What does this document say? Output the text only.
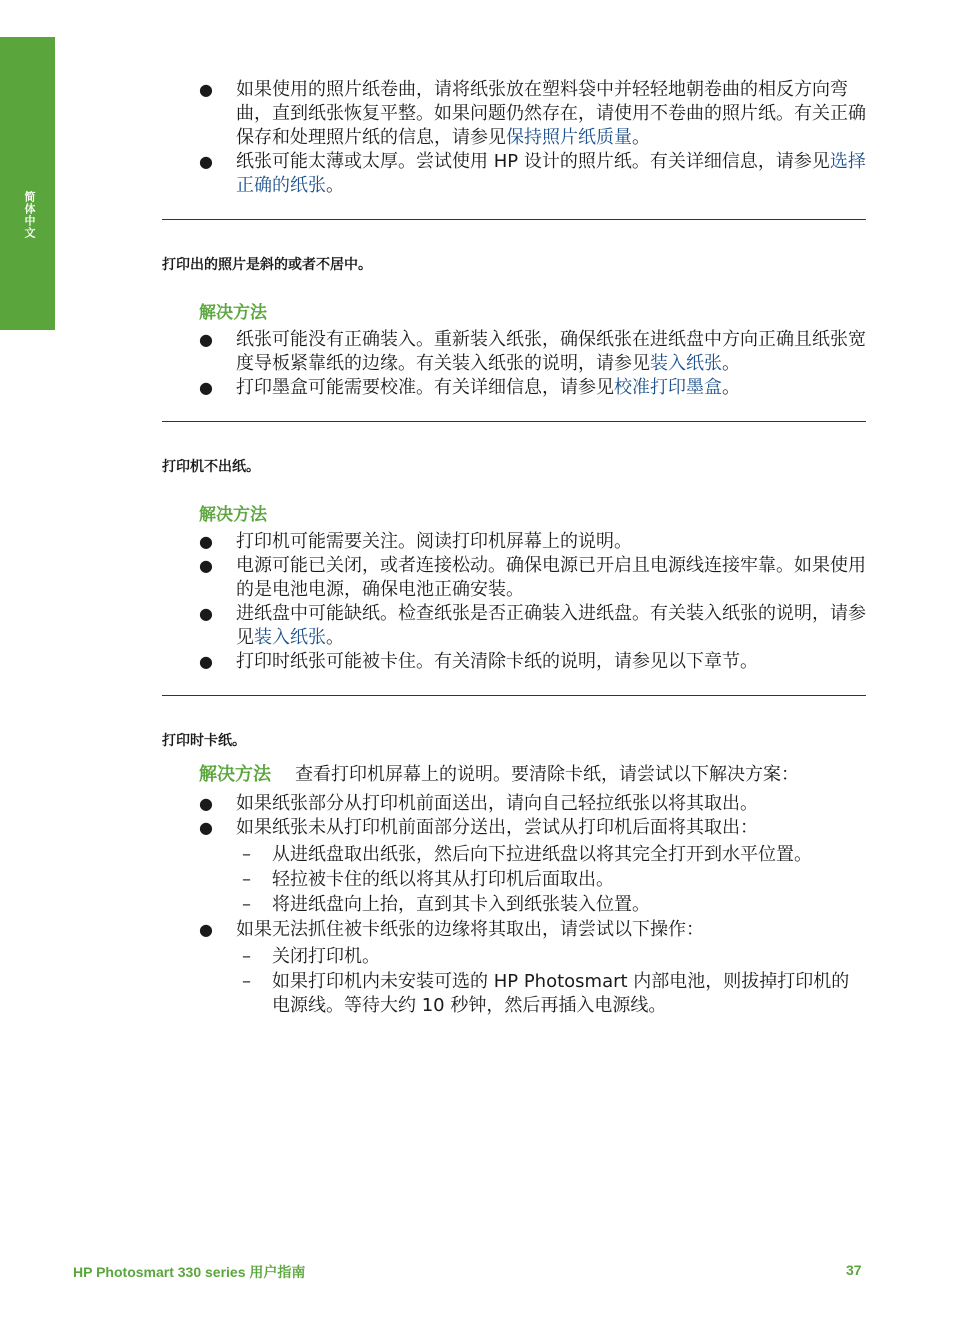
简体中文
● 如果使用的照片纸卷曲，请将纸张放在塑料袋中并轻轻地朝卷曲的相反方向弯曲，直到纸张恢复平整。如果问题仍然存在，请使用不卷曲的照片纸。有关正确保存和处理照片纸的信息，请参见保持照片纸质量。
● 纸张可能太薄或太厚。尝试使用 HP 设计的照片纸。有关详细信息，请参见选择正确的纸张。
打印出的照片是斜的或者不居中。
解决方法
● 纸张可能没有正确装入。重新装入纸张，确保纸张在进纸盘中方向正确且纸张宽度导板紧靠纸的边缘。有关装入纸张的说明，请参见装入纸张。
● 打印墨盒可能需要校准。有关详细信息，请参见校准打印墨盒。
打印机不出纸。
解决方法
● 打印机可能需要关注。阅读打印机屏幕上的说明。
● 电源可能已关闭，或者连接松动。确保电源已开启且电源线连接牢靠。如果使用的是电池电源，确保电池正确安装。
● 进纸盘中可能缺纸。检查纸张是否正确装入进纸盘。有关装入纸张的说明，请参见装入纸张。
● 打印时纸张可能被卡住。有关清除卡纸的说明，请参见以下章节。
打印时卡纸。
解决方法 查看打印机屏幕上的说明。要清除卡纸，请尝试以下解决方案：
● 如果纸张部分从打印机前面送出，请向自己轻拉纸张以将其取出。
● 如果纸张未从打印机前面部分送出，尝试从打印机后面将其取出：
– 从进纸盘取出纸张，然后向下拉进纸盘以将其完全打开到水平位置。
– 轻拉被卡住的纸以将其从打印机后面取出。
– 将进纸盘向上抬，直到其卡入到纸张装入位置。
● 如果无法抓住被卡纸张的边缘将其取出，请尝试以下操作：
– 关闭打印机。
– 如果打印机内未安装可选的 HP Photosmart 内部电池，则拔掉打印机的电源线。等待大约 10 秒钟，然后再插入电源线。
HP Photosmart 330 series 用户指南	37
